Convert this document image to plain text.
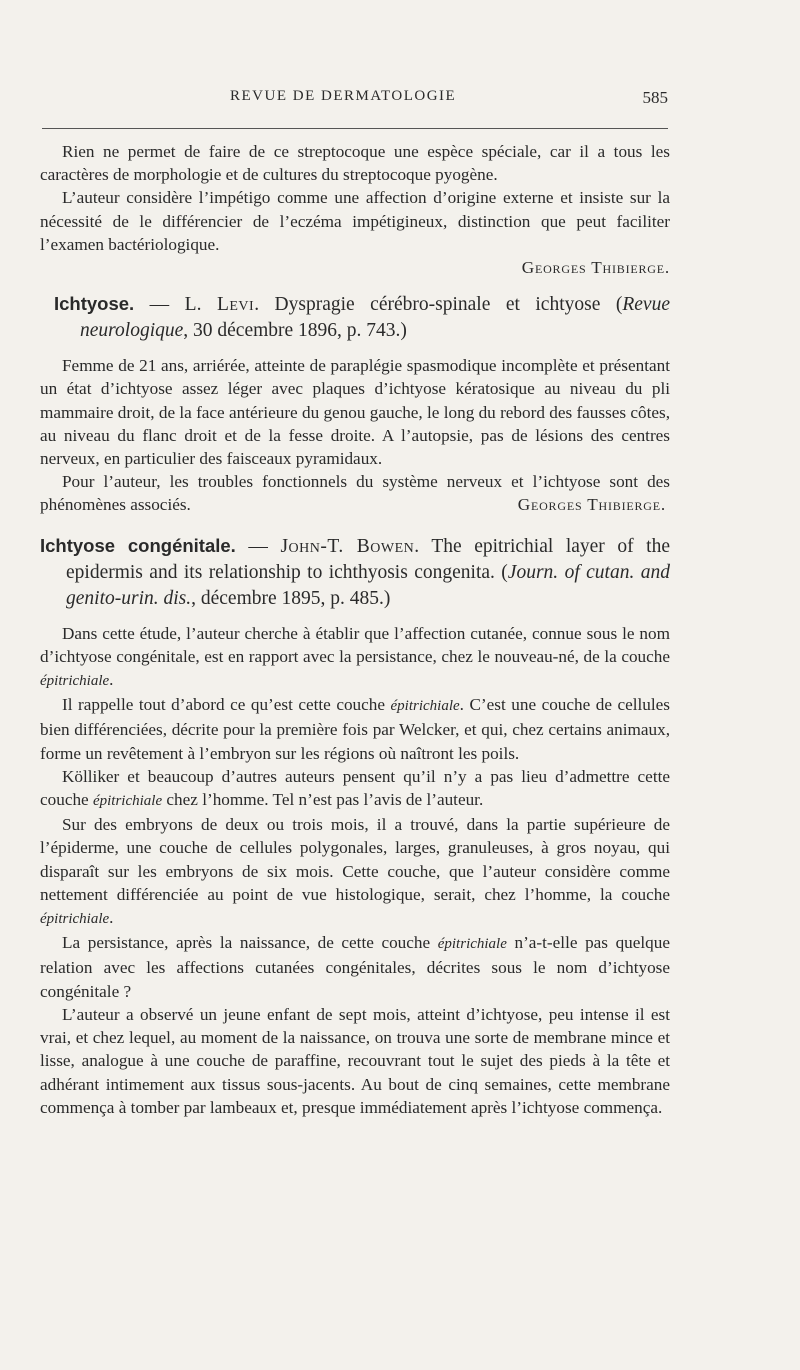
REVUE DE DERMATOLOGIE	585

Rien ne permet de faire de ce streptocoque une espèce spéciale, car il a tous les caractères de morphologie et de cultures du streptocoque pyogène.

L’auteur considère l’impétigo comme une affection d’origine externe et insiste sur la nécessité de le différencier de l’eczéma impétigineux, distinction que peut faciliter l’examen bactériologique.

Georges Thibierge.

Ichtyose. — L. Levi. Dyspragie cérébro-spinale et ichtyose (Revue neurologique, 30 décembre 1896, p. 743.)

Femme de 21 ans, arriérée, atteinte de paraplégie spasmodique incomplète et présentant un état d’ichtyose assez léger avec plaques d’ichtyose kératosique au niveau du pli mammaire droit, de la face antérieure du genou gauche, le long du rebord des fausses côtes, au niveau du flanc droit et de la fesse droite. A l’autopsie, pas de lésions des centres nerveux, en particulier des faisceaux pyramidaux.

Pour l’auteur, les troubles fonctionnels du système nerveux et l’ichtyose sont des phénomènes associés.	Georges Thibierge.

Ichtyose congénitale. — John-T. Bowen. The epitrichial layer of the epidermis and its relationship to ichthyosis congenita. (Journ. of cutan. and genito-urin. dis., décembre 1895, p. 485.)

Dans cette étude, l’auteur cherche à établir que l’affection cutanée, connue sous le nom d’ichtyose congénitale, est en rapport avec la persistance, chez le nouveau-né, de la couche épitrichiale.

Il rappelle tout d’abord ce qu’est cette couche épitrichiale. C’est une couche de cellules bien différenciées, décrite pour la première fois par Welcker, et qui, chez certains animaux, forme un revêtement à l’embryon sur les régions où naîtront les poils.

Kölliker et beaucoup d’autres auteurs pensent qu’il n’y a pas lieu d’admettre cette couche épitrichiale chez l’homme. Tel n’est pas l’avis de l’auteur.

Sur des embryons de deux ou trois mois, il a trouvé, dans la partie supérieure de l’épiderme, une couche de cellules polygonales, larges, granuleuses, à gros noyau, qui disparaît sur les embryons de six mois. Cette couche, que l’auteur considère comme nettement différenciée au point de vue histologique, serait, chez l’homme, la couche épitrichiale.

La persistance, après la naissance, de cette couche épitrichiale n’a-t-elle pas quelque relation avec les affections cutanées congénitales, décrites sous le nom d’ichtyose congénitale ?

L’auteur a observé un jeune enfant de sept mois, atteint d’ichtyose, peu intense il est vrai, et chez lequel, au moment de la naissance, on trouva une sorte de membrane mince et lisse, analogue à une couche de paraffine, recouvrant tout le sujet des pieds à la tête et adhérant intimement aux tissus sous-jacents. Au bout de cinq semaines, cette membrane commença à tomber par lambeaux et, presque immédiatement après l’ichtyose commença.
